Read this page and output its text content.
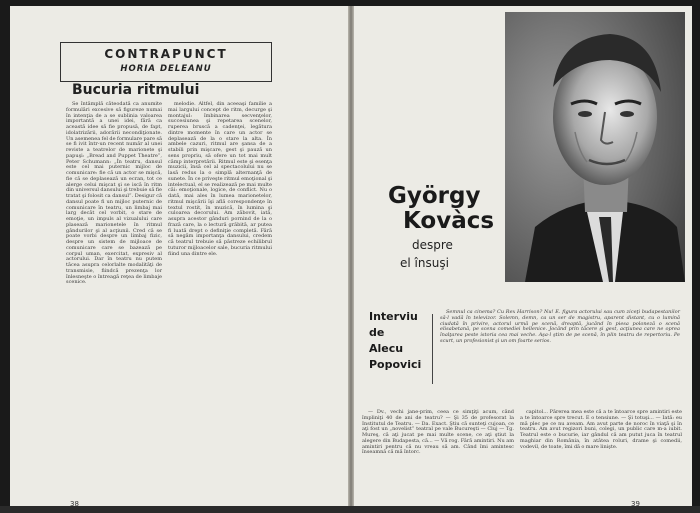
CONTRAPUNCT
HORIA DELEANU
Bucuria ritmului

Se întâmplă câteodată ca anumite formulări excesive să figureze numai în intenţia de a se sublinia valoarea importantă a unei idei, fără ca această idee să fie propusă, de fapt, idolatrizării, adorării necondiţionate. Un asemenea fel de formulare pare să se fi ivit într-un recent număr al unei reviste a teatrelor de marionete şi papuşi: „Bread and Puppet Theatre”, Peter Schumann: „În teatru, dansul este cel mai puternic mijloc de comunicare: fie că un actor se mişcă, fie că se deplasează un ecran, tot ce alerge celui mişcat şi se iscă în ritm din universul dansului şi trebuie să fie tratat şi folosit ca dansul”. Desigur că dansul poate fi un mijloc puternic de comunicare în teatru, un limbaj mai larg decât cel vorbit, o stare de emoţie, un impuls al vizualului care plasează marionetele în ritmul gândurilor şi al acţiunii. Cred că se poate vorbi despre un limbaj fizic, despre un sistem de mijloace de comunicare care se bazează pe corpul uman, exercitat, expresiv al actorului. Dar în teatru nu putem tăcea asupra celorlalte modalităţi de transmisie, fiindcă prezenţa lor înlesneşte o întreagă reţea de limbaje scenice.

melodie. Altfel, din aceeaşi familie a mai largului concept de ritm, decurge şi montajul: îmbinarea secvenţelor, succesiunea şi repetarea scenelor, ruperea bruscă a cadenţei, legătura dintre momente în care un actor se deplasează de la o stare la alta. În ambele cazuri, ritmul are şansa de a stabili prin mişcare, gest şi pauză un sens propriu, să ofere un tot mai mult câmp interpretării. Ritmul este şi esenţa muzicii, însă cel al spectacolului nu se lasă redus la o simplă alternanţă de sunete. În ce priveşte ritmul emoţional şi intelectual, el se realizează pe mai multe căi: emoţionale, logice, de conflict. Nu o dată, mai ales în lumea marionetelor, ritmul mişcării îşi află corespondenţe în textul rostit, în muzică, în lumina şi culoarea decorului. Am zăbovit, iată, asupra acestor gânduri pornind de la o frază care, la o lectură grăbită, ar putea fi luată drept o definiţie completă. Fără să negăm importanţa dansului, credem că teatrul trebuie să păstreze echilibrul tuturor mijloacelor sale, bucuria ritmului fiind una dintre ele.

38
György
Kovàcs
despre
el însuşi
Interviu
de
Alecu
Popovici

Semnul ca cinema? Cu Rex Harrison? Nu! E. figura actorului sau cum ziceţi budapestanilor să-l vadă în televizor. Solemn, demn, ca un ser de magistru, aparent distant, cu o lumină ciudată în privire, actorul urmă pe scenă, dreaptă, jucând în piesa poloneză o scenă elisabetană, pe scena comediei hellenice. Jocând prin tăcere şi gest, acţiunea care ne oprea înalţarea peste istoria cea mai veche. Aşa-l ştim de pe scenă, în plin teatru de repertoriu. Pe scurt, un profesionist şi un om foarte serios.

— Dv., vechi jane-prim, ceea ce simţiţi acum, când împliniţi 40 de ani de teatru? — Şi 35 de profesorat la Institutul de Teatru. — Da. Exact. Ştiu că sunteţi cujoan, ce aţi fost un „novelist” teatral pe vale Bucureşti — Cluj — Tg. Mureş, că aţi jucat pe mai multe scene, ce aţi ştiut la alegere din Budapesta, că... — Vă rog. Fără amintiri. Nu am amintiri pentru că nu vreau să am. Când îmi amintesc înseamnă că mă întorc.

capitol... Părerea mea este că a te întoarce spre amintiri este a te întoarce spre trecut. E o tensiune. — Şi totuşi... — Iată: eu mă plec pe ce nu aveam. Am avut parte de noroc în viaţă şi în teatru. Am avut regizori buni, colegi, un public care m-a iubit. Teatrul este o bucurie, iar gândul că am putut juca în teatrul maghiar din România, în atâtea roluri, drame şi comedii, vodevil, de toate, îmi dă o mare linişte.

39
